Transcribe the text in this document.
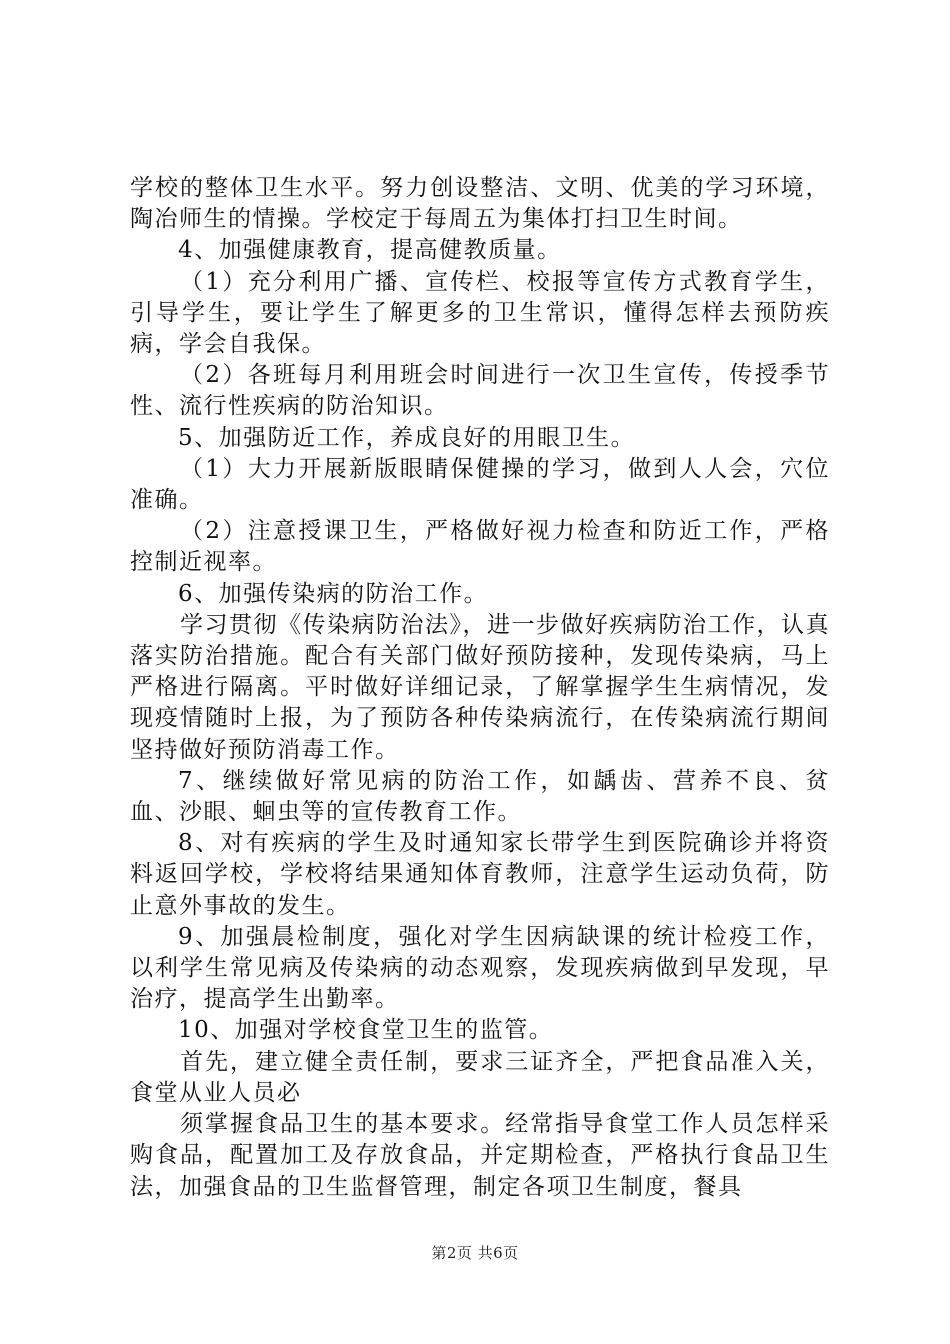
学校的整体卫生水平。努力创设整洁、文明、优美的学习环境，陶冶师生的情操。学校定于每周五为集体打扫卫生时间。

4、加强健康教育，提高健教质量。

（1）充分利用广播、宣传栏、校报等宣传方式教育学生，引导学生，要让学生了解更多的卫生常识，懂得怎样去预防疾病，学会自我保。

（2）各班每月利用班会时间进行一次卫生宣传，传授季节性、流行性疾病的防治知识。

5、加强防近工作，养成良好的用眼卫生。

（1）大力开展新版眼睛保健操的学习，做到人人会，穴位准确。

（2）注意授课卫生，严格做好视力检查和防近工作，严格控制近视率。

6、加强传染病的防治工作。

学习贯彻《传染病防治法》，进一步做好疾病防治工作，认真落实防治措施。配合有关部门做好预防接种，发现传染病，马上严格进行隔离。平时做好详细记录，了解掌握学生生病情况，发现疫情随时上报，为了预防各种传染病流行，在传染病流行期间坚持做好预防消毒工作。

7、继续做好常见病的防治工作，如龋齿、营养不良、贫血、沙眼、蛔虫等的宣传教育工作。

8、对有疾病的学生及时通知家长带学生到医院确诊并将资料返回学校，学校将结果通知体育教师，注意学生运动负荷，防止意外事故的发生。

9、加强晨检制度，强化对学生因病缺课的统计检疫工作，以利学生常见病及传染病的动态观察，发现疾病做到早发现，早治疗，提高学生出勤率。

10、加强对学校食堂卫生的监管。

首先，建立健全责任制，要求三证齐全，严把食品准入关，食堂从业人员必

须掌握食品卫生的基本要求。经常指导食堂工作人员怎样采购食品，配置加工及存放食品，并定期检查，严格执行食品卫生法，加强食品的卫生监督管理，制定各项卫生制度，餐具

第2页 共6页
